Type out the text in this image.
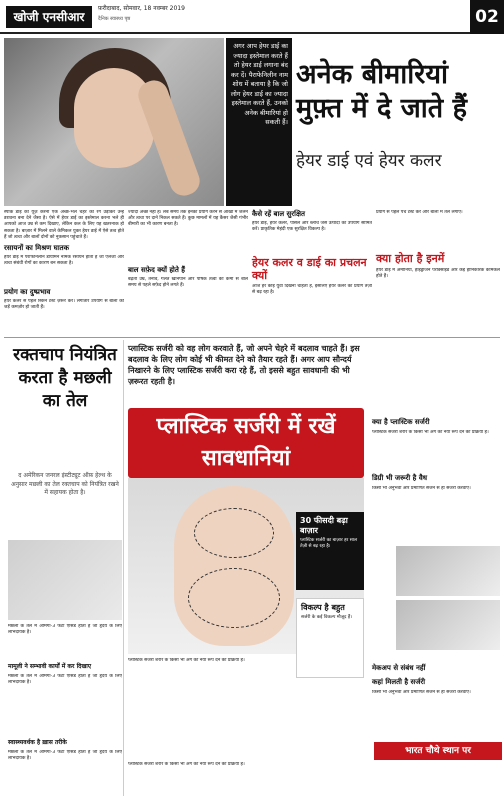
खोजी एनसीआर
फ़रीदाबाद, सोमवार, 18 नवम्बर 2019
दैनिक स्वास्थ्य पृष्ठ	02
अगर आप हेयर डाई का ज्यादा इस्तेमाल करते हैं तो हेयर डाई लगाना बंद कर दें। पैराफेनिलीन नाम शोध में बताया है कि जो लोग हेयर डाई का ज्यादा इस्तेमाल करते हैं, उनको अनेक बीमारियां हो सकती हैं।
अनेक बीमारियां मुफ़्त में दे जाते हैं
हेयर डाई एवं हेयर कलर
स्पोक डाई को यूज़ करना एक अच्छे-भले चेहरे का रंग उड़ाकर उन्हें डरावना बना देने जैसा है। ऐसे में हेयर डाई का इस्तेमाल करना भले ही आपको आज उम्र से कम दिखाए, लेकिन कल के लिए यह खतरनाक हो सकता है। बाज़ार में मिलने वाले केमिकल युक्त हेयर डाई में ऐसे तत्व होते हैं जो त्वचा और बालों दोनों को नुकसान पहुंचाते हैं।
रसायनों का मिश्रण घातक
हेयर डाई में पैराफेनिलीन डायमिन नामक रसायन होता है जो एलर्जी और त्वचा संबंधी रोगों का कारण बन सकता है।
प्रयोग का दुष्प्रभाव
हेयर कलर से पहले स्किन टेस्ट ज़रूर करें। लगातार उपयोग से बालों की जड़ें कमज़ोर हो जाती हैं।
ज्यादा अच्छे नहीं हैं। लंबे समय तक इनका प्रयोग करने से आंखों में जलन और त्वचा पर दाने निकल सकते हैं। कुछ मामलों में यह कैंसर जैसी गंभीर बीमारी का भी कारण बनता है।
बाल सफ़ेद क्यों होते हैं
बढ़ती उम्र, तनाव, गलत खानपान और पोषक तत्वों की कमी से बाल समय से पहले सफ़ेद होने लगते हैं।
कैसे रहें बाल सुरक्षित
हेयर डाई, हेयर कलर, पेंसिल और ब्लीच जैसे उत्पादों का उपयोग सीमित करें। प्राकृतिक मेहंदी एक सुरक्षित विकल्प है।
हेयर कलर व डाई का प्रचलन क्यों
आज हर कोई युवा दिखना चाहता है, इसलिए हेयर कलर का प्रयोग तेज़ी से बढ़ रहा है।
प्रयोग से पहले पैच टेस्ट करें और बालों में तेल लगाएं।
क्या होता है इनमें
हेयर डाई में अमोनिया, हाइड्रोजन पेरोक्साइड और कई हानिकारक केमिकल होते हैं।
रक्तचाप नियंत्रित करता है मछली का तेल
द अमेरिकन जनरल इंस्टीट्यूट ऑफ़ हेल्थ के अनुसार मछली का तेल रक्तचाप को नियंत्रित रखने में सहायक होता है।
मछली के तेल में ओमेगा-3 फैटी एसिड होता है जो हृदय के लिए लाभदायक है।
मामूली ने सम्भावी कार्यों में कर दिखाए
मछली के तेल में ओमेगा-3 फैटी एसिड होता है जो हृदय के लिए लाभदायक है।
स्वास्थ्यवर्धक है ख़ास तरीके
मछली के तेल में ओमेगा-3 फैटी एसिड होता है जो हृदय के लिए लाभदायक है।
प्लास्टिक सर्जरी को वह लोग करवाते हैं, जो अपने चेहरे में बदलाव चाहते हैं। इस बदलाव के लिए लोग कोई भी कीमत देने को तैयार रहते हैं। अगर आप सौन्दर्य निखारने के लिए प्लास्टिक सर्जरी करा रहे हैं, तो इससे बहुत सावधानी की भी ज़रूरत रहती है।
प्लास्टिक सर्जरी में रखें सावधानियां
30 फीसदी बढ़ा बाज़ार
प्लास्टिक सर्जरी का बाज़ार हर साल तेज़ी से बढ़ रहा है।
विकल्प है बहुत
सर्जरी के कई विकल्प मौजूद हैं।
प्लास्टिक सर्जरी शरीर के किसी भी अंग को नया रूप देने की प्रक्रिया है।
क्या है प्लास्टिक सर्जरी
प्लास्टिक सर्जरी शरीर के किसी भी अंग को नया रूप देने की प्रक्रिया है।
डिग्री भी जरूरी है वैध
किसी भी अनुभवी और प्रमाणित सर्जन से ही सर्जरी करवाएं।
मेकअप से संबंध नहीं
कहां मिलती है सर्जरी
किसी भी अनुभवी और प्रमाणित सर्जन से ही सर्जरी करवाएं।
भारत चौथे स्थान पर
प्लास्टिक सर्जरी शरीर के किसी भी अंग को नया रूप देने की प्रक्रिया है।
